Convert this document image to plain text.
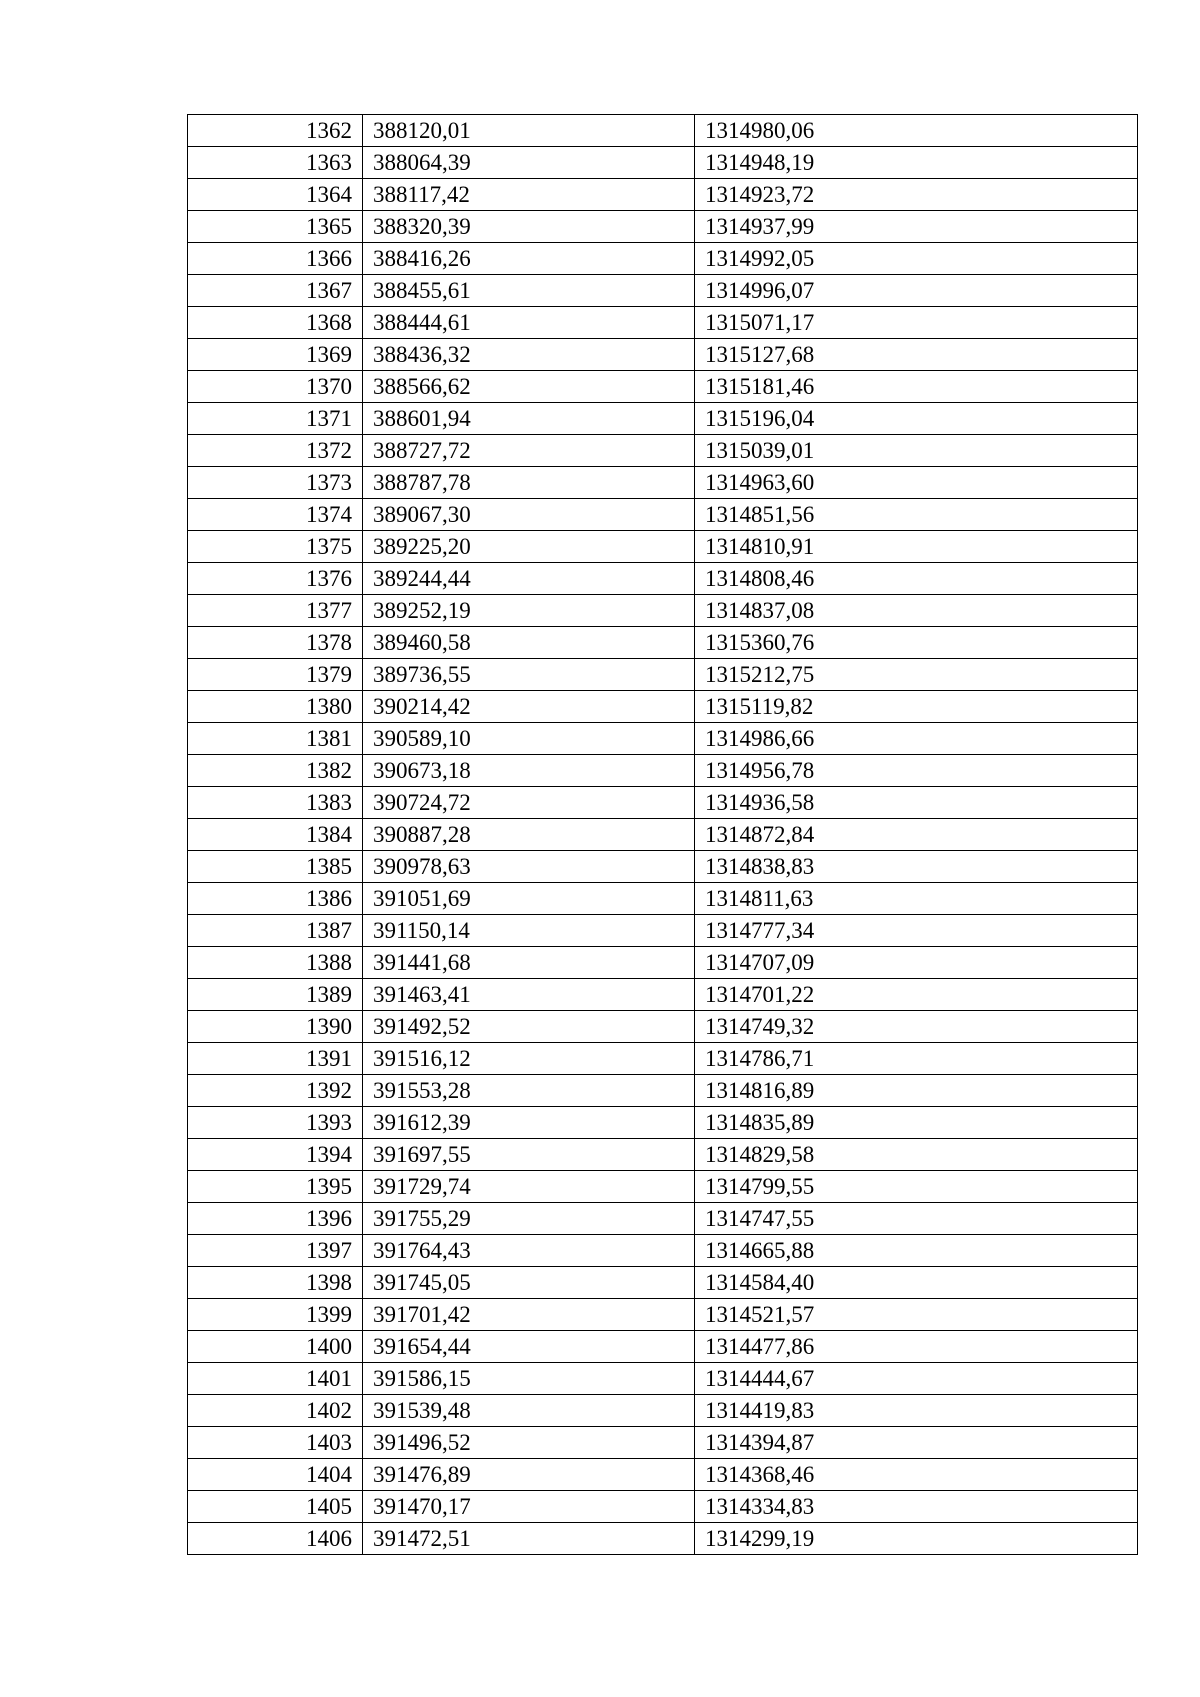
1362	388120,01	1314980,06
1363	388064,39	1314948,19
1364	388117,42	1314923,72
1365	388320,39	1314937,99
1366	388416,26	1314992,05
1367	388455,61	1314996,07
1368	388444,61	1315071,17
1369	388436,32	1315127,68
1370	388566,62	1315181,46
1371	388601,94	1315196,04
1372	388727,72	1315039,01
1373	388787,78	1314963,60
1374	389067,30	1314851,56
1375	389225,20	1314810,91
1376	389244,44	1314808,46
1377	389252,19	1314837,08
1378	389460,58	1315360,76
1379	389736,55	1315212,75
1380	390214,42	1315119,82
1381	390589,10	1314986,66
1382	390673,18	1314956,78
1383	390724,72	1314936,58
1384	390887,28	1314872,84
1385	390978,63	1314838,83
1386	391051,69	1314811,63
1387	391150,14	1314777,34
1388	391441,68	1314707,09
1389	391463,41	1314701,22
1390	391492,52	1314749,32
1391	391516,12	1314786,71
1392	391553,28	1314816,89
1393	391612,39	1314835,89
1394	391697,55	1314829,58
1395	391729,74	1314799,55
1396	391755,29	1314747,55
1397	391764,43	1314665,88
1398	391745,05	1314584,40
1399	391701,42	1314521,57
1400	391654,44	1314477,86
1401	391586,15	1314444,67
1402	391539,48	1314419,83
1403	391496,52	1314394,87
1404	391476,89	1314368,46
1405	391470,17	1314334,83
1406	391472,51	1314299,19
